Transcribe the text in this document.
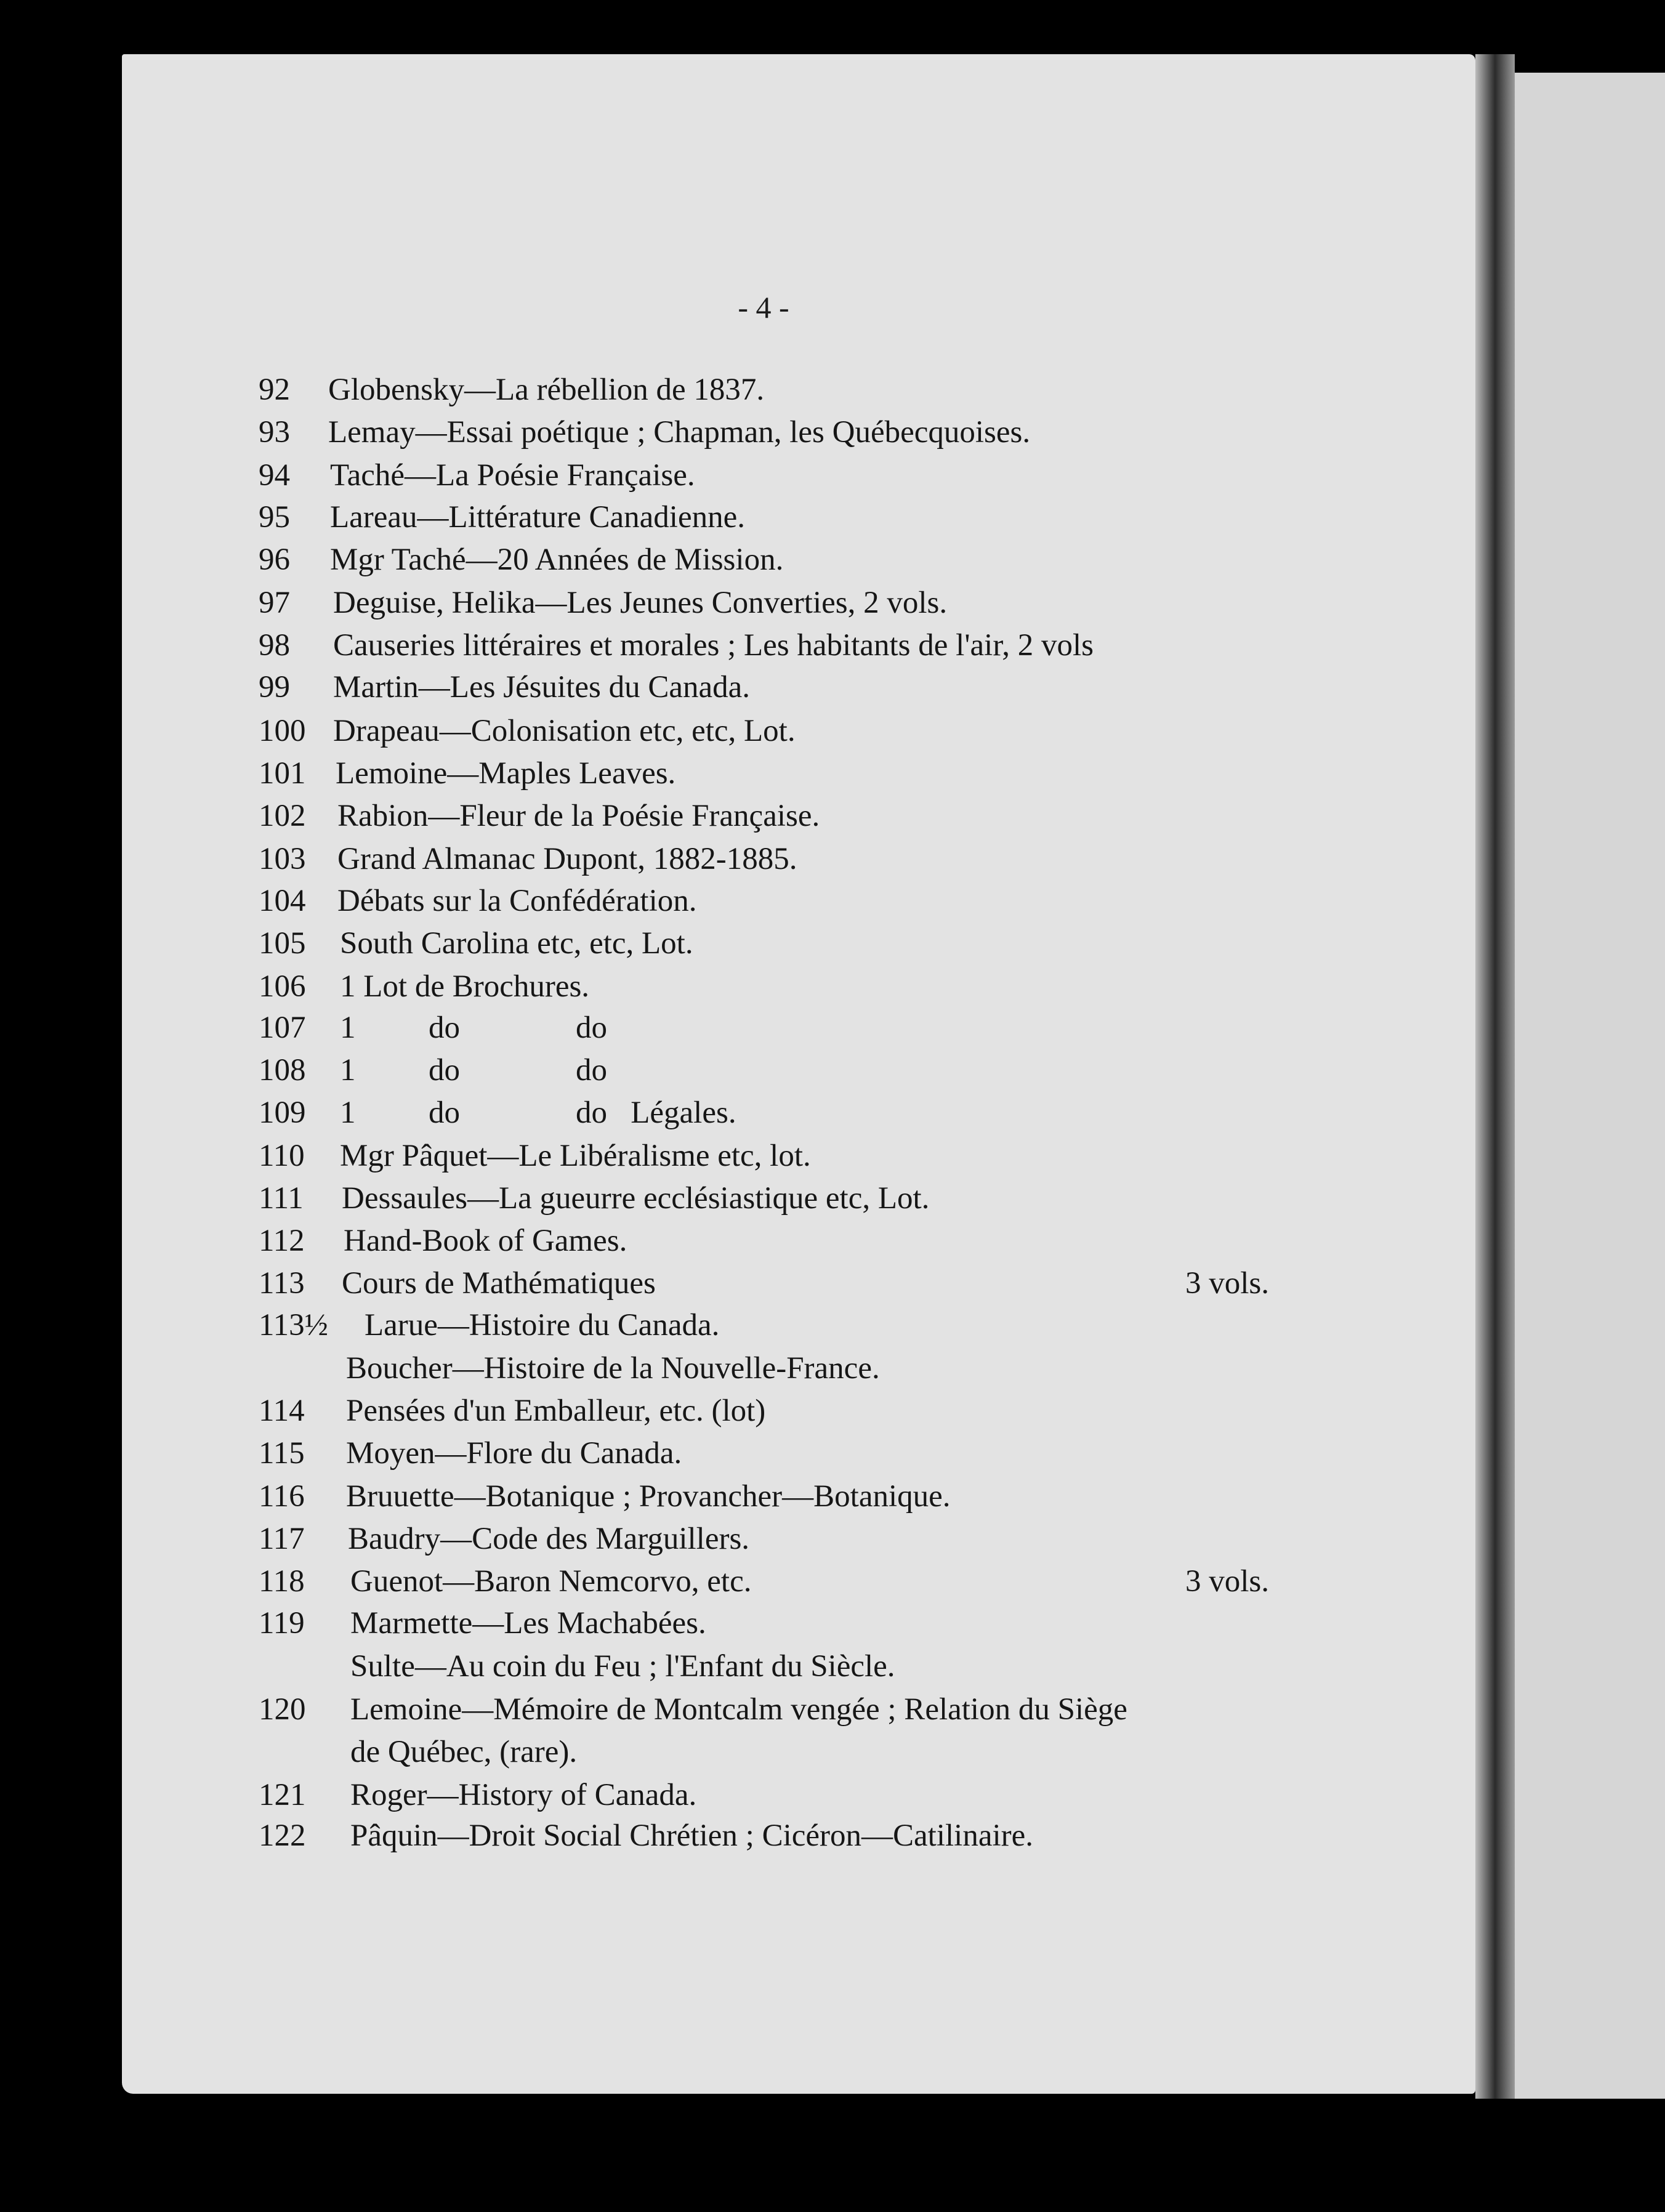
- 4 -
92	Globensky—La rébellion de 1837.
93	Lemay—Essai poétique ; Chapman, les Québecquoises.
94	Taché—La Poésie Française.
95	Lareau—Littérature Canadienne.
96	Mgr Taché—20 Années de Mission.
97	Deguise, Helika—Les Jeunes Converties, 2 vols.
98	Causeries littéraires et morales ; Les habitants de l'air, 2 vols
99	Martin—Les Jésuites du Canada.
100 Drapeau—Colonisation etc, etc, Lot.
101 Lemoine—Maples Leaves.
102	Rabion—Fleur de la Poésie Française.
103	Grand Almanac Dupont, 1882-1885.
104	Débats sur la Confédération.
105	South Carolina etc, etc, Lot.
106	1 Lot de Brochures.
107	1 do	do
108	1 do	do
109	1 do	do   Légales.
110	Mgr Pâquet—Le Libéralisme etc, lot.
111	Dessaules—La gueurre ecclésiastique etc, Lot.
112	Hand-Book of Games.
113	Cours de Mathématiques	3 vols.
113½ Larue—Histoire du Canada.
Boucher—Histoire de la Nouvelle-France.
114	Pensées d'un Emballeur, etc. (lot)
115	Moyen—Flore du Canada.
116	Bruuette—Botanique ; Provancher—Botanique.
117	Baudry—Code des Marguillers.
118	Guenot—Baron Nemcorvo, etc.	3 vols.
119	Marmette—Les Machabées.
Sulte—Au coin du Feu ; l'Enfant du Siècle.
120	Lemoine—Mémoire de Montcalm vengée ; Relation du Siège
de Québec, (rare).
121	Roger—History of Canada.
122	Pâquin—Droit Social Chrétien ; Cicéron—Catilinaire.
